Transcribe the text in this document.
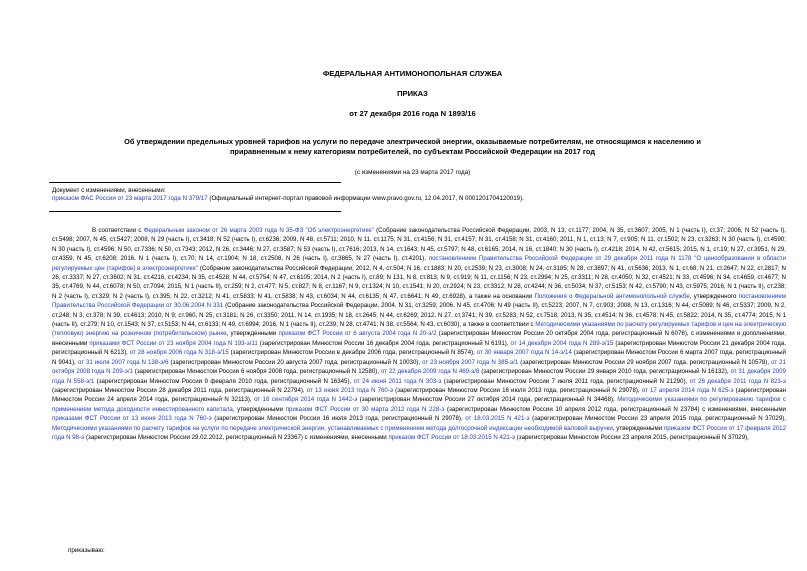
ФЕДЕРАЛЬНАЯ АНТИМОНОПОЛЬНАЯ СЛУЖБА

ПРИКАЗ

от 27 декабря 2016 года N 1893/16

Об утверждении предельных уровней тарифов на услуги по передаче электрической энергии, оказываемые потребителям, не относящимся к населению и
приравненным к нему категориям потребителей, по субъектам Российской Федерации на 2017 год

(с изменениями на 23 марта 2017 года)

Документ с изменениями, внесенными:

приказом ФАС России от 23 марта 2017 года N 379/17 (Официальный интернет-портал правовой информации www.pravo.gov.ru, 12.04.2017, N 0001201704120019).

В соответствии с Федеральным законом от 26 марта 2003 года N 35-ФЗ "Об электроэнергетике" (Собрание законодательства Российской Федерации, 2003, N 13, ст.1177; 2004, N 35, ст.3607; 2005, N 1 (часть I), ст.37; 2006, N 52 (часть I), ст.5498; 2007, N 45, ст.5427; 2008, N 29 (часть I), ст.3418; N 52 (часть I), ст.6236; 2009, N 48, ст.5711; 2010, N 11, ст.1175; N 31, ст.4156; N 31, ст.4157; N 31, ст.4158; N 31, ст.4160; 2011, N 1, ст.13; N 7, ст.905; N 11, ст.1502; N 23, ст.3263; N 30 (часть I), ст.4590; N 30 (часть I), ст.4596; N 50, ст.7336; N 50, ст.7343; 2012, N 26, ст.3446; N 27, ст.3587; N 53 (часть I), ст.7616; 2013, N 14, ст.1643; N 45, ст.5797; N 48, ст.6165; 2014, N 16, ст.1840; N 30 (часть I), ст.4218; 2014, N 42, ст.5615; 2015, N 1, ст.19; N 27, ст.3951, N 29, ст.4359, N 45, ст.6208; 2016, N 1 (часть I), ст.70; N 14, ст.1904; N 18, ст.2508, N 26 (часть I), ст.3865, N 27 (часть I), ст.4201), постановлением Правительства Российской Федерации от 29 декабря 2011 года N 1178 "О ценообразовании в области регулируемых цен (тарифов) в электроэнергетике" (Собрание законодательства Российской Федерации, 2012, N 4, ст.504; N 16, ст.1883; N 20, ст.2539; N 23, ст.3008; N 24, ст.3185; N 28, ст.3897; N 41, ст.5636; 2013, N 1, ст.68; N 21, ст.2647; N 22, ст.2817; N 26, ст.3337; N 27, ст.3602; N 31, ст.4216, ст.4234; N 35, ст.4528; N 44, ст.5754; N 47, ст.6105; 2014, N 2 (часть I), ст.89; N 131, N 8, ст.813; N 9, ст.919; N 11, ст.1156; N 23, ст.2994; N 25, ст.3311; N 28, ст.4050; N 32, ст.4521; N 33, ст.4596; N 34, ст.4659, ст.4677; N 35, ст.4769, N 44, ст.6078; N 50, ст.7094; 2015, N 1 (часть II), ст.259; N 2, ст.477; N 5, ст.827; N 8, ст.1167; N 9, ст.1324; N 10, ст.1541; N 20, ст.2924; N 23, ст.3312; N 28, ст.4244; N 36, ст.5034; N 37, ст.5153; N 42, ст.5790; N 43, ст.5975; 2016, N 1 (часть II), ст.238; N 2 (часть I), ст.329; N 2 (часть I), ст.395; N 22, ст.3212; N 41, ст.5833; N 41, ст.5838; N 43, ст.6034; N 44, ст.6135; N 47, ст.6641; N 49, ст.6928), а также на основании Положения о Федеральной антимонопольной службе, утвержденного постановлением Правительства Российской Федерации от 30.06.2004 N 331 (Собрание законодательства Российской Федерации, 2004, N 31, ст.3259; 2006, N 45, ст.4706; N 49 (часть II), ст.5223; 2007, N 7, ст.903; 2008, N 13, ст.1316; N 44, ст.5089; N 46, ст.5337; 2009, N 2, ст.248; N 3, ст.378; N 39, ст.4613; 2010, N 9; ст.960, N 25, ст.3181; N 26, ст.3350; 2011, N 14, ст.1935; N 18, ст.2645; N 44, ст.6269; 2012, N 27, ст.3741; N 39, ст.5283; N 52, ст.7518; 2013, N 35, ст.4514; N 36, ст.4578; N 45, ст.5822; 2014, N 35, ст.4774; 2015, N 1 (часть II), ст.279; N 10, ст.1543; N 37, ст.5153; N 44, ст.6133; N 49, ст.6994; 2016, N 1 (часть II), ст.239; N 28, ст.4741; N 38, ст.5564; N 43, ст.6030), а также в соответствии с Методическими указаниями по расчету регулируемых тарифов и цен на электрическую (тепловую) энергию на розничном (потребительском) рынке, утвержденными приказом ФСТ России от 6 августа 2004 года N 20-э/2 (зарегистрирован Минюстом России 20 октября 2004 года, регистрационный N 6076), с изменениями и дополнениями, внесенными приказами ФСТ России от 23 ноября 2004 года N 193-э/11 (зарегистрирован Минюстом России 16 декабря 2004 года, регистрационный N 6191), от 14 декабря 2004 года N 289-э/15 (зарегистрирован Минюстом России 21 декабря 2004 года, регистрационный N 6213), от 28 ноября 2006 года N 318-э/15 (зарегистрирован Минюстом России в декабре 2006 года, регистрационный N 8574), от 30 января 2007 года N 14-э/14 (зарегистрирован Минюстом России 6 марта 2007 года, регистрационный N 9041), от 31 июля 2007 года N 138-э/6 (зарегистрирован Минюстом России 20 августа 2007 года, регистрационный N 10030), от 23 ноября 2007 года N 385-э/1 (зарегистрирован Минюстом России 29 ноября 2007 года, регистрационный N 10578), от 21 октября 2008 года N 209-э/1 (зарегистрирован Минюстом России 6 ноября 2008 года, регистрационный N 12580), от 22 декабря 2009 года N 469-э/8 (зарегистрирован Минюстом России 29 января 2010 года, регистрационный N 16132), от 31 декабря 2009 года N 558-э/1 (зарегистрирован Минюстом России 9 февраля 2010 года, регистрационный N 16345), от 24 июня 2011 года N 303-э (зарегистрирован Минюстом России 7 июля 2011 года, регистрационный N 21290), от 26 декабря 2011 года N 823-э (зарегистрирован Минюстом России 28 декабря 2011 года, регистрационный N 22794), от 13 июня 2013 года N 760-э (зарегистрирован Минюстом России 16 июля 2013 года, регистрационный N 29078), от 17 апреля 2014 года N 625-э (зарегистрирован Минюстом России 24 апреля 2014 года, регистрационный N 32113), от 16 сентября 2014 года N 1442-э (зарегистрирован Минюстом России 27 октября 2014 года, регистрационный N 34468), Методическими указаниями по регулированию тарифов с применением метода доходности инвестированного капитала, утвержденными приказом ФСТ России от 30 марта 2012 года N 228-э (зарегистрирован Минюстом России 10 апреля 2012 года, регистрационный N 23784) с изменениями, внесенными приказами ФСТ России от 13 июня 2013 года N 760-э (зарегистрирован Минюстом России 16 июля 2013 года, регистрационный N 29078), от 18.03.2015 N 421-э (зарегистрирован Минюстом России 23 апреля 2015 года, регистрационный N 37029), Методическими указаниями по расчету тарифов на услуги по передаче электрической энергии, устанавливаемых с применением метода долгосрочной индексации необходимой валовой выручки, утвержденными приказом ФСТ России от 17 февраля 2012 года N 98-э (зарегистрирован Минюстом России 29.02.2012, регистрационный N 23367) с изменениями, внесенными приказом ФСТ России от 18.03.2015 N 421-э (зарегистрирован Минюстом России 23 апреля 2015, регистрационный N 37029),

приказываю:
